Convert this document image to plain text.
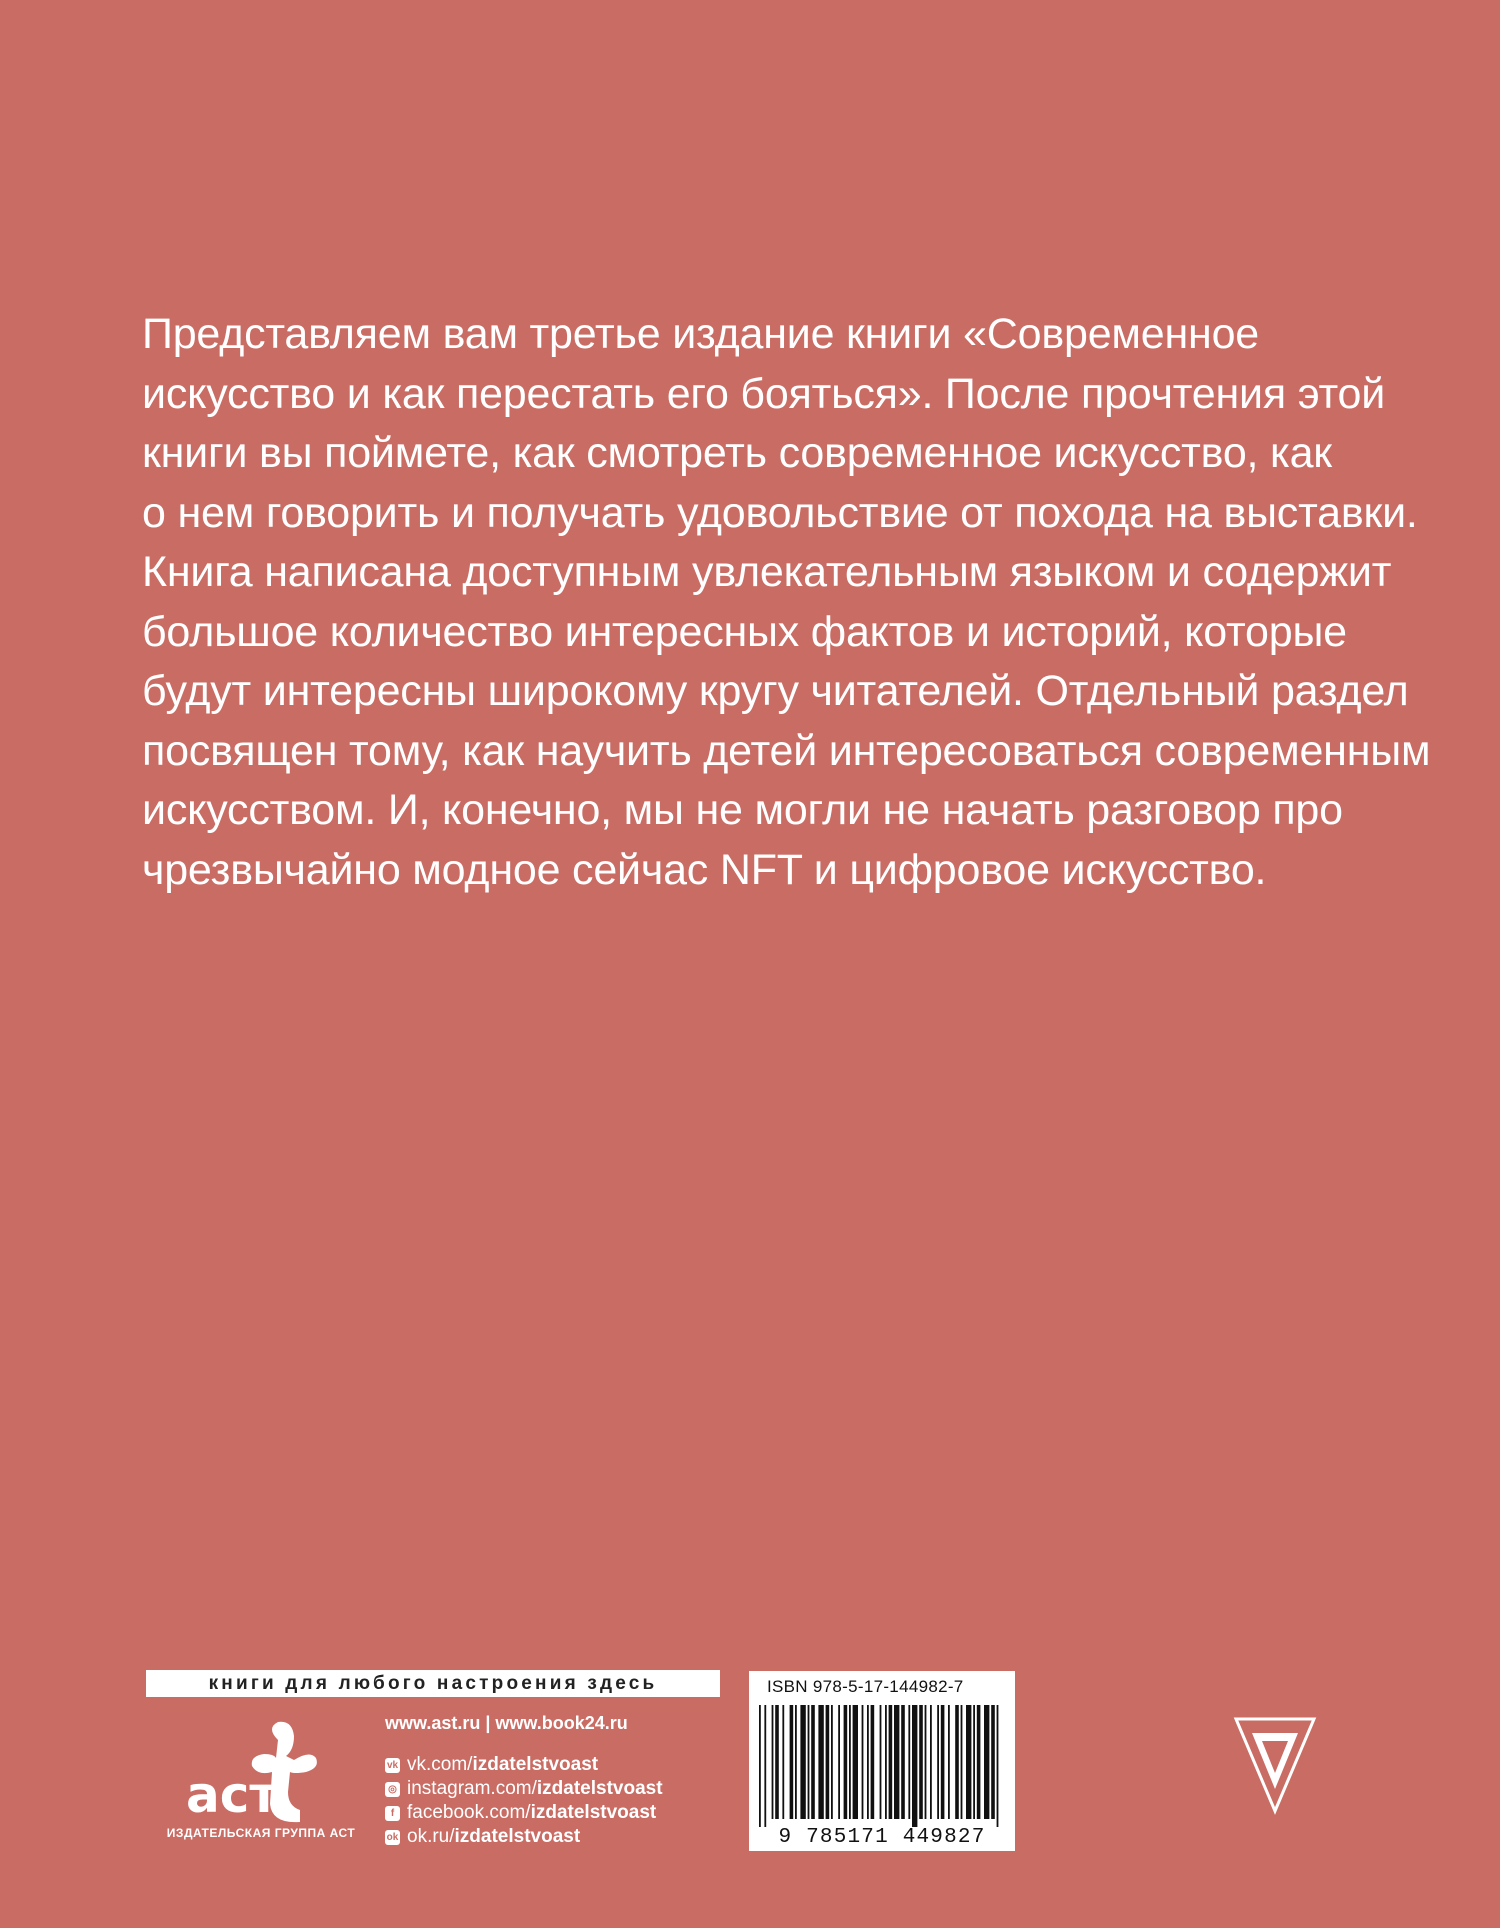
Представляем вам третье издание книги «Современное
искусство и как перестать его бояться». После прочтения этой
книги вы поймете, как смотреть современное искусство, как
о нем говорить и получать удовольствие от похода на выставки.
Книга написана доступным увлекательным языком и содержит
большое количество интересных фактов и историй, которые
будут интересны широкому кругу читателей. Отдельный раздел
посвящен тому, как научить детей интересоваться современным
искусством. И, конечно, мы не могли не начать разговор про
чрезвычайно модное сейчас NFT и цифровое искусство.
книги для любого настроения здесь
аст
ИЗДАТЕЛЬСКАЯ ГРУППА АСТ
www.ast.ru | www.book24.ru
vk vk.com/ izdatelstvoast
◎ instagram.com/ izdatelstvoast
f facebook.com/ izdatelstvoast
ok ok.ru/ izdatelstvoast
ISBN 978-5-17-144982-7
9 785171 449827
